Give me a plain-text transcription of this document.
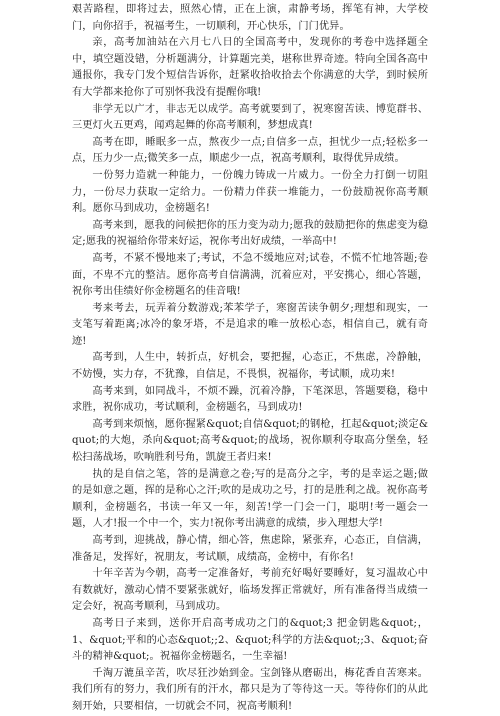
艰苦路程，即将过去，照然心情，正在上演，肃静考场，挥笔有神，大学校门，向你招手，祝福考生，一切顺利，开心快乐，门门优异。

亲，高考加油站在六月七八日的全国高考中，发现你的考卷中选择题全中，填空题没错，分析题满分，计算题完美，堪称世界奇迹。特向全国各高中通报你，我专门发个短信告诉你，赶紧收拾收拾去个你满意的大学，到时候所有大学都来抢你了可别怀我没有提醒你哦!

非学无以广才，非志无以成学。高考就要到了，祝寒窗苦读、博览群书、三更灯火五更鸡，闻鸡起舞的你高考顺利，梦想成真!

高考在即，睡眠多一点，熬夜少一点;自信多一点，担忧少一点;轻松多一点，压力少一点;微笑多一点，顺虑少一点，祝高考顺利，取得优异成绩。

一份努力造就一种能力，一份魄力铸成一片威力。一份全力打倒一切阻力，一份尽力获取一定给力。一份精力伴获一堆能力，一份鼓励祝你高考顺利。愿你马到成功，金榜题名!

高考来到，愿我的问候把你的压力变为动力;愿我的鼓励把你的焦虑变为稳定;愿我的祝福给你带来好运，祝你考出好成绩，一举高中!

高考，不紧不慢地来了;考试，不急不缓地应对;试卷，不慌不忙地答题;卷面，不卑不亢的整洁。愿你高考自信满满，沉着应对，平安携心，细心答题，祝你考出佳绩好你金榜题名的佳音哦!

考来考去，玩弄着分数游戏;苯苯学子，寒窗苦读争朝夕;理想和现实，一支笔写着距离;冰冷的象牙塔，不是追求的唯一放松心态，相信自己，就有奇迹!

高考到，人生中，转折点，好机会，要把握，心态正，不焦虑，冷静触，不妨慢，实力存，不犹豫，自信足，不畏惧，祝福你，考试顺，成功来!

高考来到，如同战斗，不烦不躁，沉着冷静，下笔深思，答题要稳，稳中求胜，祝你成功，考试顺利，金榜题名，马到成功!

高考到来烦恼，愿你握紧&quot;自信&quot;的钢枪，扛起&quot;淡定&quot;的大炮，杀向&quot;高考&quot;的战场，祝你顺利夺取高分堡垒，轻松扫荡战场，吹响胜利号角，凯旋王者归来!

执的是自信之笔，答的是满意之卷;写的是高分之字，考的是幸运之题;做的是如意之题，挥的是称心之汗;吹的是成功之号，打的是胜利之战。祝你高考顺利，金榜题名，书读一年又一年，刻苦!学一门会一门，聪明!考一题会一题，人才!报一个中一个，实力!祝你考出满意的成绩，步入理想大学!

高考到，迎挑战，静心情，细心答，焦虑除，紧张弃，心态正，自信满，准备足，发挥好，祝朋友，考试顺，成绩高，金榜中，有你名!

十年辛苦为今朝，高考一定准备好，考前充好喝好要睡好，复习温故心中有数就好，激动心情不要紧张就好，临场发挥正常就好，所有准备得当成绩一定会好，祝高考顺利，马到成功。

高考日子来到，送你开启高考成功之门的&quot;3 把金钥匙&quot;，1、&quot;平和的心态&quot;;2、&quot;科学的方法&quot;;3、&quot;奋斗的精神&quot;。祝福你金榜题名，一生幸福!

千淘万漉虽辛苦，吹尽狂沙始到金。宝剑锋从磨砺出，梅花香自苦寒来。我们所有的努力，我们所有的汗水，都只是为了等待这一天。等待你们的从此刻开始，只要相信，一切就会不同，祝高考顺利!
